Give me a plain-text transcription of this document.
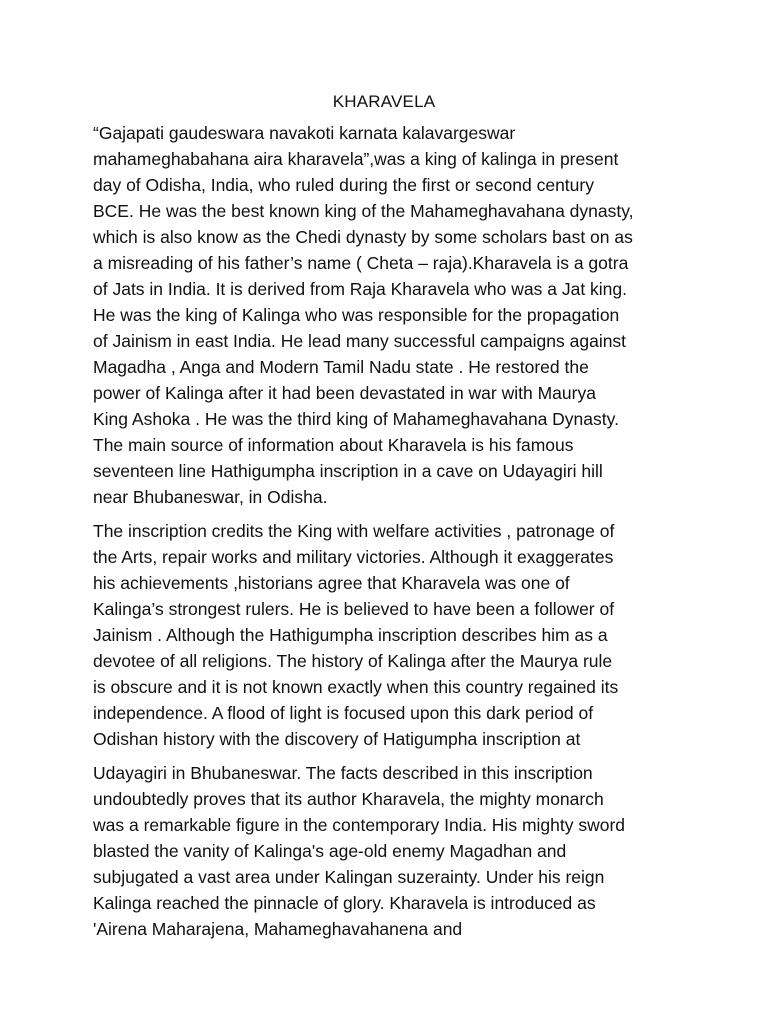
KHARAVELA
“Gajapati gaudeswara navakoti karnata kalavargeswar
mahameghabahana aira kharavela”,was a king of kalinga in present
day of Odisha, India, who ruled during the first or second century
BCE. He was the best known king of the Mahameghavahana dynasty,
which is also know as the Chedi dynasty by some scholars bast on as
a misreading of his father’s name ( Cheta – raja).Kharavela is a gotra
of Jats in India. It is derived from Raja Kharavela who was a Jat king.
He was the king of Kalinga who was responsible for the propagation
of Jainism in east India. He lead many successful campaigns against
Magadha , Anga and Modern Tamil Nadu state . He restored the
power of Kalinga after it had been devastated in war with Maurya
King Ashoka . He was the third king of Mahameghavahana Dynasty.
The main source of information about Kharavela is his famous
seventeen line Hathigumpha inscription in a cave on Udayagiri hill
near Bhubaneswar, in Odisha.
The inscription credits the King with welfare activities , patronage of
the Arts, repair works and military victories. Although it exaggerates
his achievements ,historians agree that Kharavela was one of
Kalinga’s strongest rulers. He is believed to have been a follower of
Jainism . Although the Hathigumpha inscription describes him as a
devotee of all religions. The history of Kalinga after the Maurya rule
is obscure and it is not known exactly when this country regained its
independence. A flood of light is focused upon this dark period of
Odishan history with the discovery of Hatigumpha inscription at
Udayagiri in Bhubaneswar. The facts described in this inscription
undoubtedly proves that its author Kharavela, the mighty monarch
was a remarkable figure in the contemporary India. His mighty sword
blasted the vanity of Kalinga's age-old enemy Magadhan and
subjugated a vast area under Kalingan suzerainty. Under his reign
Kalinga reached the pinnacle of glory. Kharavela is introduced as
'Airena Maharajena, Mahameghavahanena and
